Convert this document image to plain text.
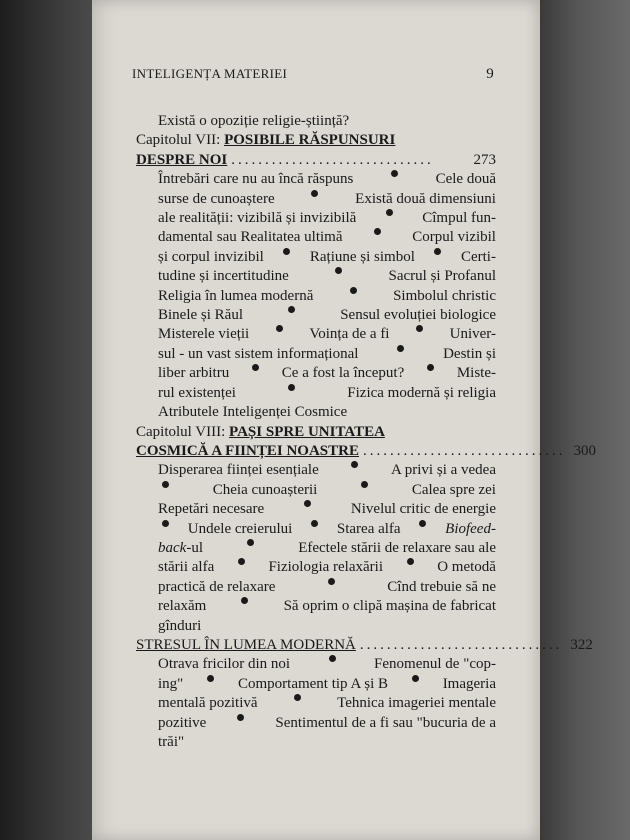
INTELIGENȚA MATERIEI	9
Există o opoziție religie-știință?
Capitolul VII: POSIBILE RĂSPUNSURI
DESPRE NOI ..............................	273
Întrebări care nu au încă răspuns	Cele două
surse de cunoaștere	Există două dimensiuni
ale realității: vizibilă și invizibilă	Cîmpul fun-
damental sau Realitatea ultimă	Corpul vizibil
și corpul invizibil	Rațiune și simbol	Certi-
tudine și incertitudine	Sacrul și Profanul
Religia în lumea modernă	Simbolul christic
Binele și Răul	Sensul evoluției biologice
Misterele vieții	Voința de a fi	Univer-
sul - un vast sistem informațional	Destin și
liber arbitru	Ce a fost la început?	Miste-
rul existenței	Fizica modernă și religia
Atributele Inteligenței Cosmice
Capitolul VIII: PAȘI SPRE UNITATEA
COSMICĂ A FIINȚEI NOASTRE .............................. 300
Disperarea ființei esențiale	A privi și a vedea
Cheia cunoașterii	Calea spre zei
Repetări necesare	Nivelul critic de energie
Undele creierului	Starea alfa	Biofeed-
back-ul	Efectele stării de relaxare sau ale
stării alfa	Fiziologia relaxării	O metodă
practică de relaxare	Cînd trebuie să ne
relaxăm	Să oprim o clipă mașina de fabricat
gînduri
STRESUL ÎN LUMEA MODERNĂ .............................. 322
Otrava fricilor din noi	Fenomenul de "cop-
ing"	Comportament tip A și B	Imageria
mentală pozitivă	Tehnica imageriei mentale
pozitive	Sentimentul de a fi sau "bucuria de a
trăi"
